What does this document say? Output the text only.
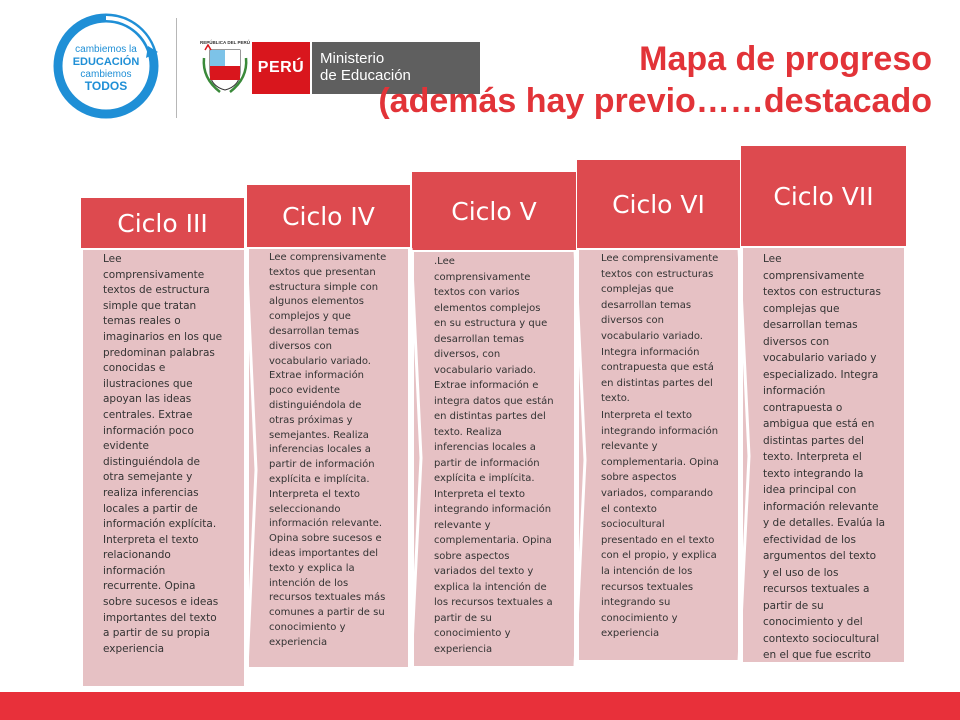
cambiemos la
EDUCACIÓN
cambiemos
TODOS
REPÚBLICA DEL PERÚ
PERÚ
Ministerio
de Educación	Mapa de progreso
(además hay previo……destacado
Ciclo III
Lee
comprensivamente
textos de estructura
simple que tratan
temas reales o
imaginarios en los que
predominan palabras
conocidas e
ilustraciones que
apoyan las ideas
centrales. Extrae
información poco
evidente
distinguiéndola de
otra semejante y
realiza inferencias
locales a partir de
información explícita.
Interpreta el texto
relacionando
información
recurrente. Opina
sobre sucesos e ideas
importantes del texto
a partir de su propia
experiencia
Ciclo IV
Lee comprensivamente
textos que presentan
estructura simple con
algunos elementos
complejos y que
desarrollan temas
diversos con
vocabulario variado.
Extrae información
poco evidente
distinguiéndola de
otras próximas y
semejantes. Realiza
inferencias locales a
partir de información
explícita e implícita.
Interpreta el texto
seleccionando
información relevante.
Opina sobre sucesos e
ideas importantes del
texto y explica la
intención de los
recursos textuales más
comunes a partir de su
conocimiento y
experiencia
Ciclo V
.Lee
comprensivamente
textos con varios
elementos complejos
en su estructura y que
desarrollan temas
diversos, con
vocabulario variado.
Extrae información e
integra datos que están
en distintas partes del
texto. Realiza
inferencias locales a
partir de información
explícita e implícita.
Interpreta el texto
integrando información
relevante y
complementaria. Opina
sobre aspectos
variados del texto y
explica la intención de
los recursos textuales a
partir de su
conocimiento y
experiencia
Ciclo VI
Lee comprensivamente
textos con estructuras
complejas que
desarrollan temas
diversos con
vocabulario variado.
Integra información
contrapuesta que está
en distintas partes del
texto.
Interpreta el texto
integrando información
relevante y
complementaria. Opina
sobre aspectos
variados, comparando
el contexto
sociocultural
presentado en el texto
con el propio, y explica
la intención de los
recursos textuales
integrando su
conocimiento y
experiencia
Ciclo VII
Lee
comprensivamente
textos con estructuras
complejas que
desarrollan temas
diversos con
vocabulario variado y
especializado. Integra
información
contrapuesta o
ambigua que está en
distintas partes del
texto. Interpreta el
texto integrando la
idea principal con
información relevante
y de detalles. Evalúa la
efectividad de los
argumentos del texto
y el uso de los
recursos textuales a
partir de su
conocimiento y del
contexto sociocultural
en el que fue escrito
